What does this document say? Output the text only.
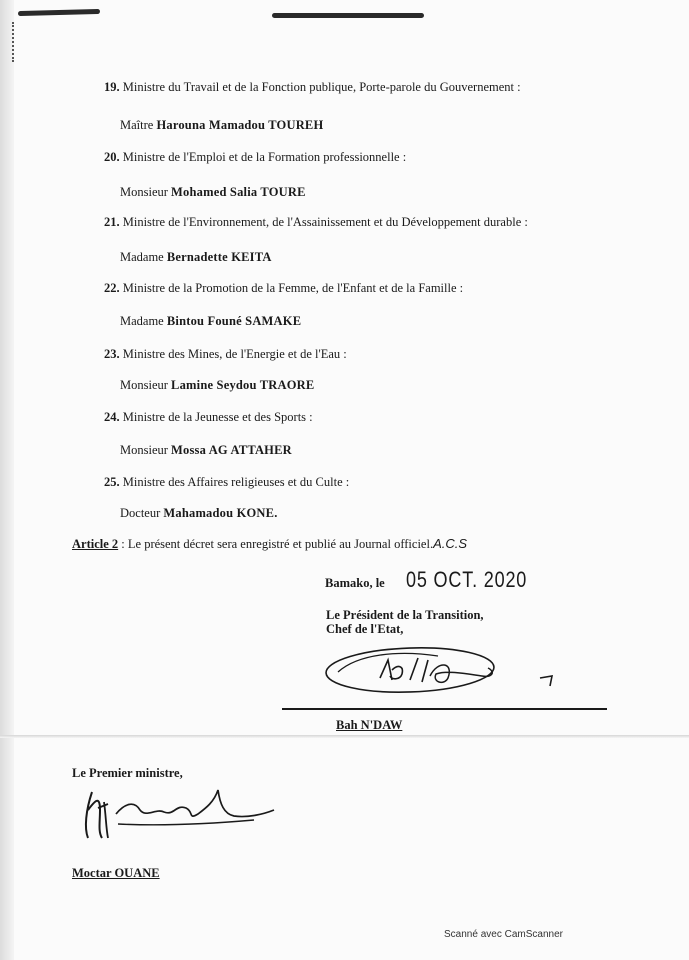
19. Ministre du Travail et de la Fonction publique, Porte-parole du Gouvernement :
Maître Harouna Mamadou TOUREH
20. Ministre de l'Emploi et de la Formation professionnelle :
Monsieur Mohamed Salia TOURE
21. Ministre de l'Environnement, de l'Assainissement et du Développement durable :
Madame Bernadette KEITA
22. Ministre de la Promotion de la Femme, de l'Enfant et de la Famille :
Madame Bintou Founé SAMAKE
23. Ministre des Mines, de l'Energie et de l'Eau :
Monsieur Lamine Seydou TRAORE
24. Ministre de la Jeunesse et des Sports :
Monsieur Mossa AG ATTAHER
25. Ministre des Affaires religieuses et du Culte :
Docteur Mahamadou KONE.
Article 2 : Le présent décret sera enregistré et publié au Journal officiel.A.C.S
Bamako, le 05 OCT. 2020
Le Président de la Transition,
Chef de l'Etat,
Bah N'DAW
Le Premier ministre,
Moctar OUANE
Scanné avec CamScanner
